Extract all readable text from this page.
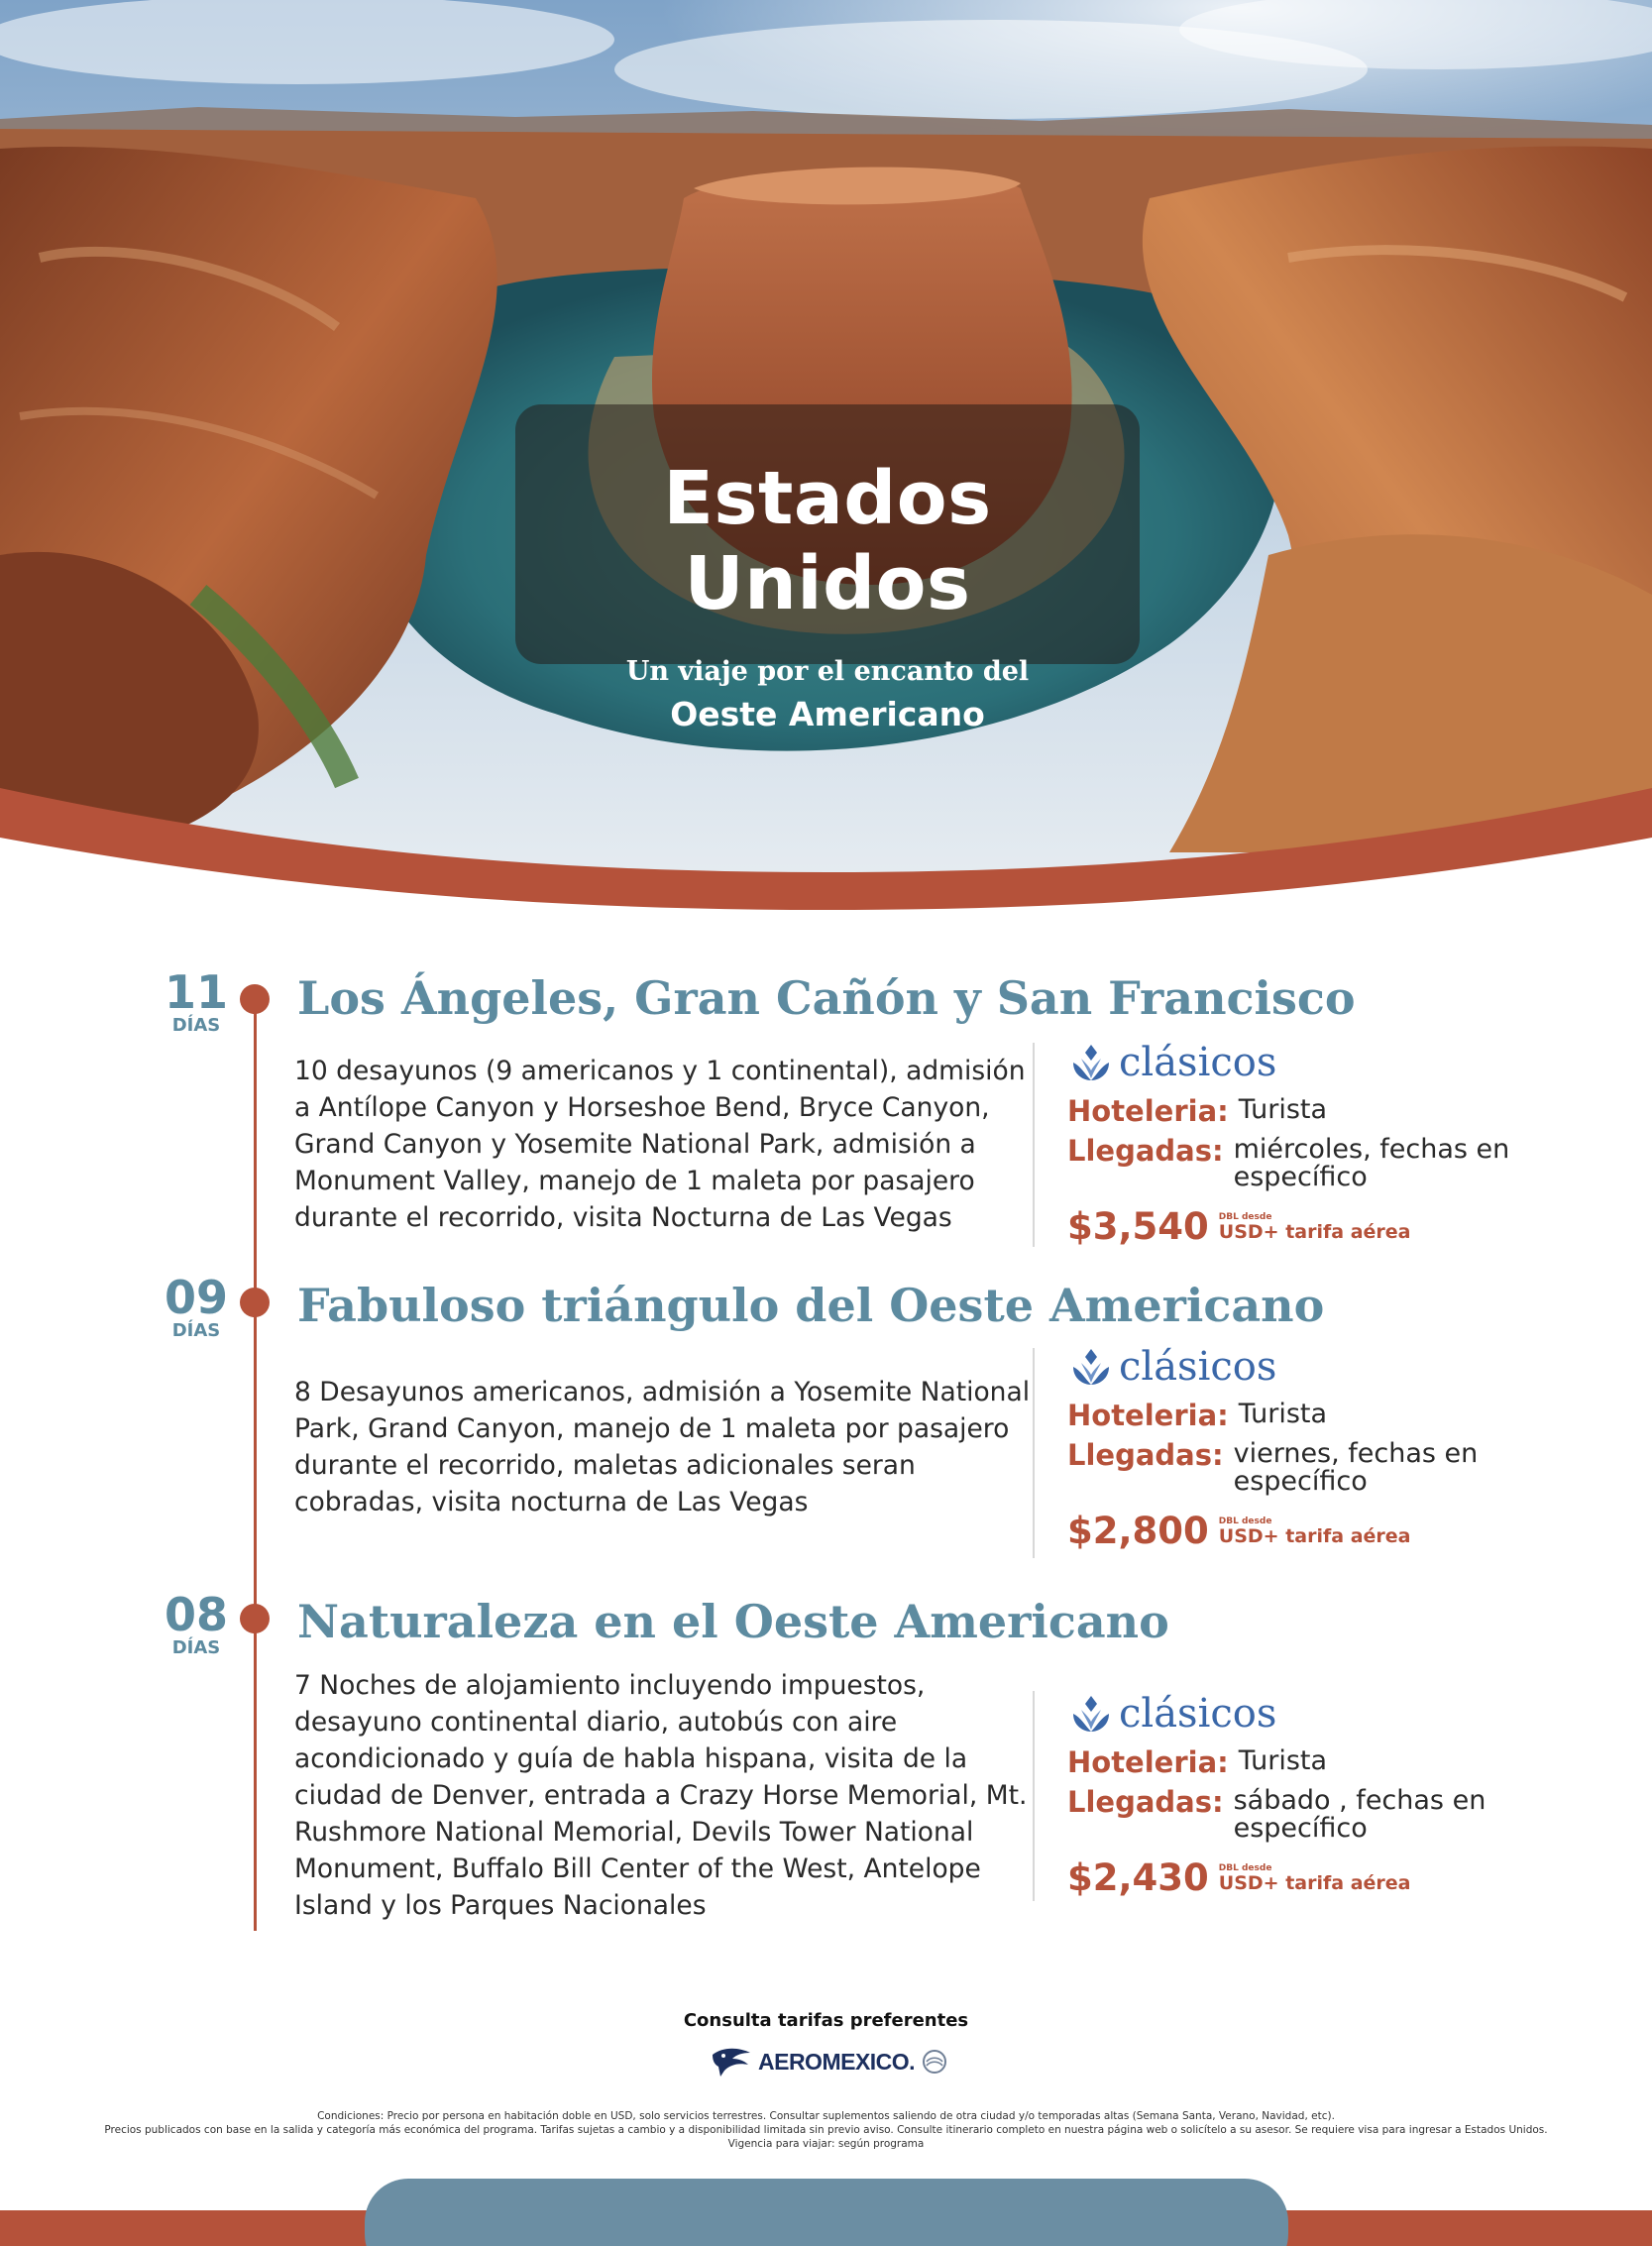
Estados Unidos
Un viaje por el encanto del
Oeste Americano
11
DÍAS
Los Ángeles, Gran Cañón y San Francisco
10 desayunos (9 americanos y 1 continental), admisión a Antílope Canyon y Horseshoe Bend, Bryce Canyon, Grand Canyon y Yosemite National Park, admisión a Monument Valley, manejo de 1 maleta por pasajero durante el recorrido, visita Nocturna de Las Vegas
clásicos
Hoteleria: Turista
Llegadas: miércoles, fechas en específico
$3,540 DBL desde
USD+ tarifa aérea
09
DÍAS	Fabuloso triángulo del Oeste Americano
8 Desayunos americanos, admisión a Yosemite National Park, Grand Canyon, manejo de 1 maleta por pasajero durante el recorrido, maletas adicionales seran cobradas, visita nocturna de Las Vegas
clásicos
Hoteleria: Turista
Llegadas: viernes, fechas en específico
$2,800 DBL desde
USD+ tarifa aérea
08
DÍAS	Naturaleza en el Oeste Americano
7 Noches de alojamiento incluyendo impuestos, desayuno continental diario, autobús con aire acondicionado y guía de habla hispana, visita de la ciudad de Denver, entrada a Crazy Horse Memorial, Mt. Rushmore National Memorial, Devils Tower National Monument, Buffalo Bill Center of the West, Antelope Island y los Parques Nacionales
clásicos
Hoteleria: Turista
Llegadas: sábado , fechas en específico
$2,430 DBL desde
USD+ tarifa aérea
Consulta tarifas preferentes
AEROMEXICO.
Condiciones: Precio por persona en habitación doble en USD, solo servicios terrestres. Consultar suplementos saliendo de otra ciudad y/o temporadas altas (Semana Santa, Verano, Navidad, etc).
Precios publicados con base en la salida y categoría más económica del programa. Tarifas sujetas a cambio y a disponibilidad limitada sin previo aviso. Consulte itinerario completo en nuestra página web o solicítelo a su asesor. Se requiere visa para ingresar a Estados Unidos.
Vigencia para viajar: según programa
